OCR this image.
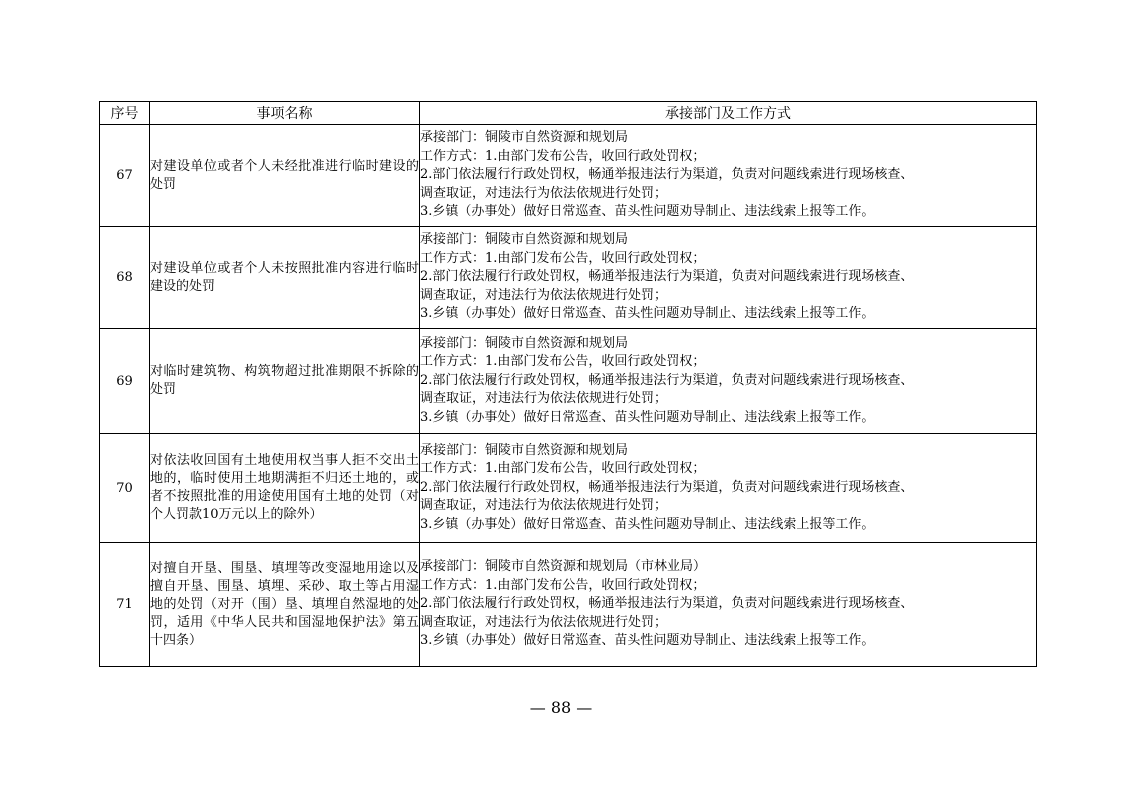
序号	事项名称	承接部门及工作方式
67	对建设单位或者个人未经批准进行临时建设的处罚	承接部门：铜陵市自然资源和规划局
工作方式：1.由部门发布公告，收回行政处罚权；
2.部门依法履行行政处罚权，畅通举报违法行为渠道，负责对问题线索进行现场核查、
调查取证，对违法行为依法依规进行处罚；
3.乡镇（办事处）做好日常巡查、苗头性问题劝导制止、违法线索上报等工作。

68	对建设单位或者个人未按照批准内容进行临时建设的处罚	承接部门：铜陵市自然资源和规划局
工作方式：1.由部门发布公告，收回行政处罚权；
2.部门依法履行行政处罚权，畅通举报违法行为渠道，负责对问题线索进行现场核查、
调查取证，对违法行为依法依规进行处罚；
3.乡镇（办事处）做好日常巡查、苗头性问题劝导制止、违法线索上报等工作。

69	对临时建筑物、构筑物超过批准期限不拆除的处罚	承接部门：铜陵市自然资源和规划局
工作方式：1.由部门发布公告，收回行政处罚权；
2.部门依法履行行政处罚权，畅通举报违法行为渠道，负责对问题线索进行现场核查、
调查取证，对违法行为依法依规进行处罚；
3.乡镇（办事处）做好日常巡查、苗头性问题劝导制止、违法线索上报等工作。

70	对依法收回国有土地使用权当事人拒不交出土地的，临时使用土地期满拒不归还土地的，或者不按照批准的用途使用国有土地的处罚（对个人罚款10万元以上的除外）	承接部门：铜陵市自然资源和规划局
工作方式：1.由部门发布公告，收回行政处罚权；
2.部门依法履行行政处罚权，畅通举报违法行为渠道，负责对问题线索进行现场核查、
调查取证，对违法行为依法依规进行处罚；
3.乡镇（办事处）做好日常巡查、苗头性问题劝导制止、违法线索上报等工作。

71	对擅自开垦、围垦、填埋等改变湿地用途以及擅自开垦、围垦、填埋、采砂、取土等占用湿地的处罚（对开（围）垦、填埋自然湿地的处罚，适用《中华人民共和国湿地保护法》第五十四条）	承接部门：铜陵市自然资源和规划局（市林业局）
工作方式：1.由部门发布公告，收回行政处罚权；
2.部门依法履行行政处罚权，畅通举报违法行为渠道，负责对问题线索进行现场核查、
调查取证，对违法行为依法依规进行处罚；
3.乡镇（办事处）做好日常巡查、苗头性问题劝导制止、违法线索上报等工作。
— 88 —
